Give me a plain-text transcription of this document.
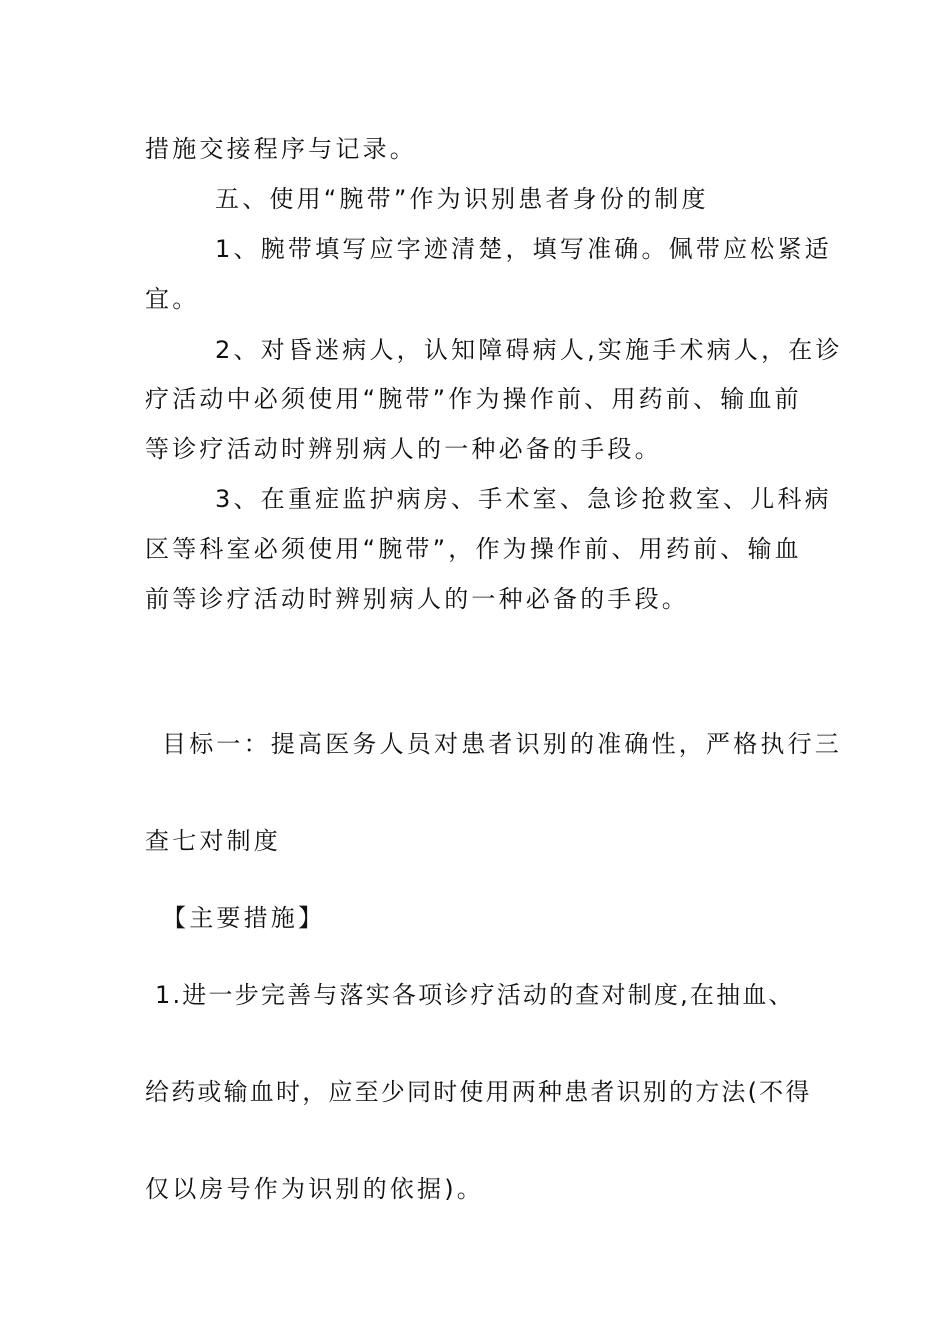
措施交接程序与记录。
五、使用“腕带”作为识别患者身份的制度
1、腕带填写应字迹清楚，填写准确。佩带应松紧适
宜。
2、对昏迷病人，认知障碍病人,实施手术病人，在诊
疗活动中必须使用“腕带”作为操作前、用药前、输血前
等诊疗活动时辨别病人的一种必备的手段。
3、在重症监护病房、手术室、急诊抢救室、儿科病
区等科室必须使用“腕带”，作为操作前、用药前、输血
前等诊疗活动时辨别病人的一种必备的手段。
目标一：提高医务人员对患者识别的准确性，严格执行三
查七对制度
【主要措施】
1.进一步完善与落实各项诊疗活动的查对制度,在抽血、
给药或输血时，应至少同时使用两种患者识别的方法(不得
仅以房号作为识别的依据)。
